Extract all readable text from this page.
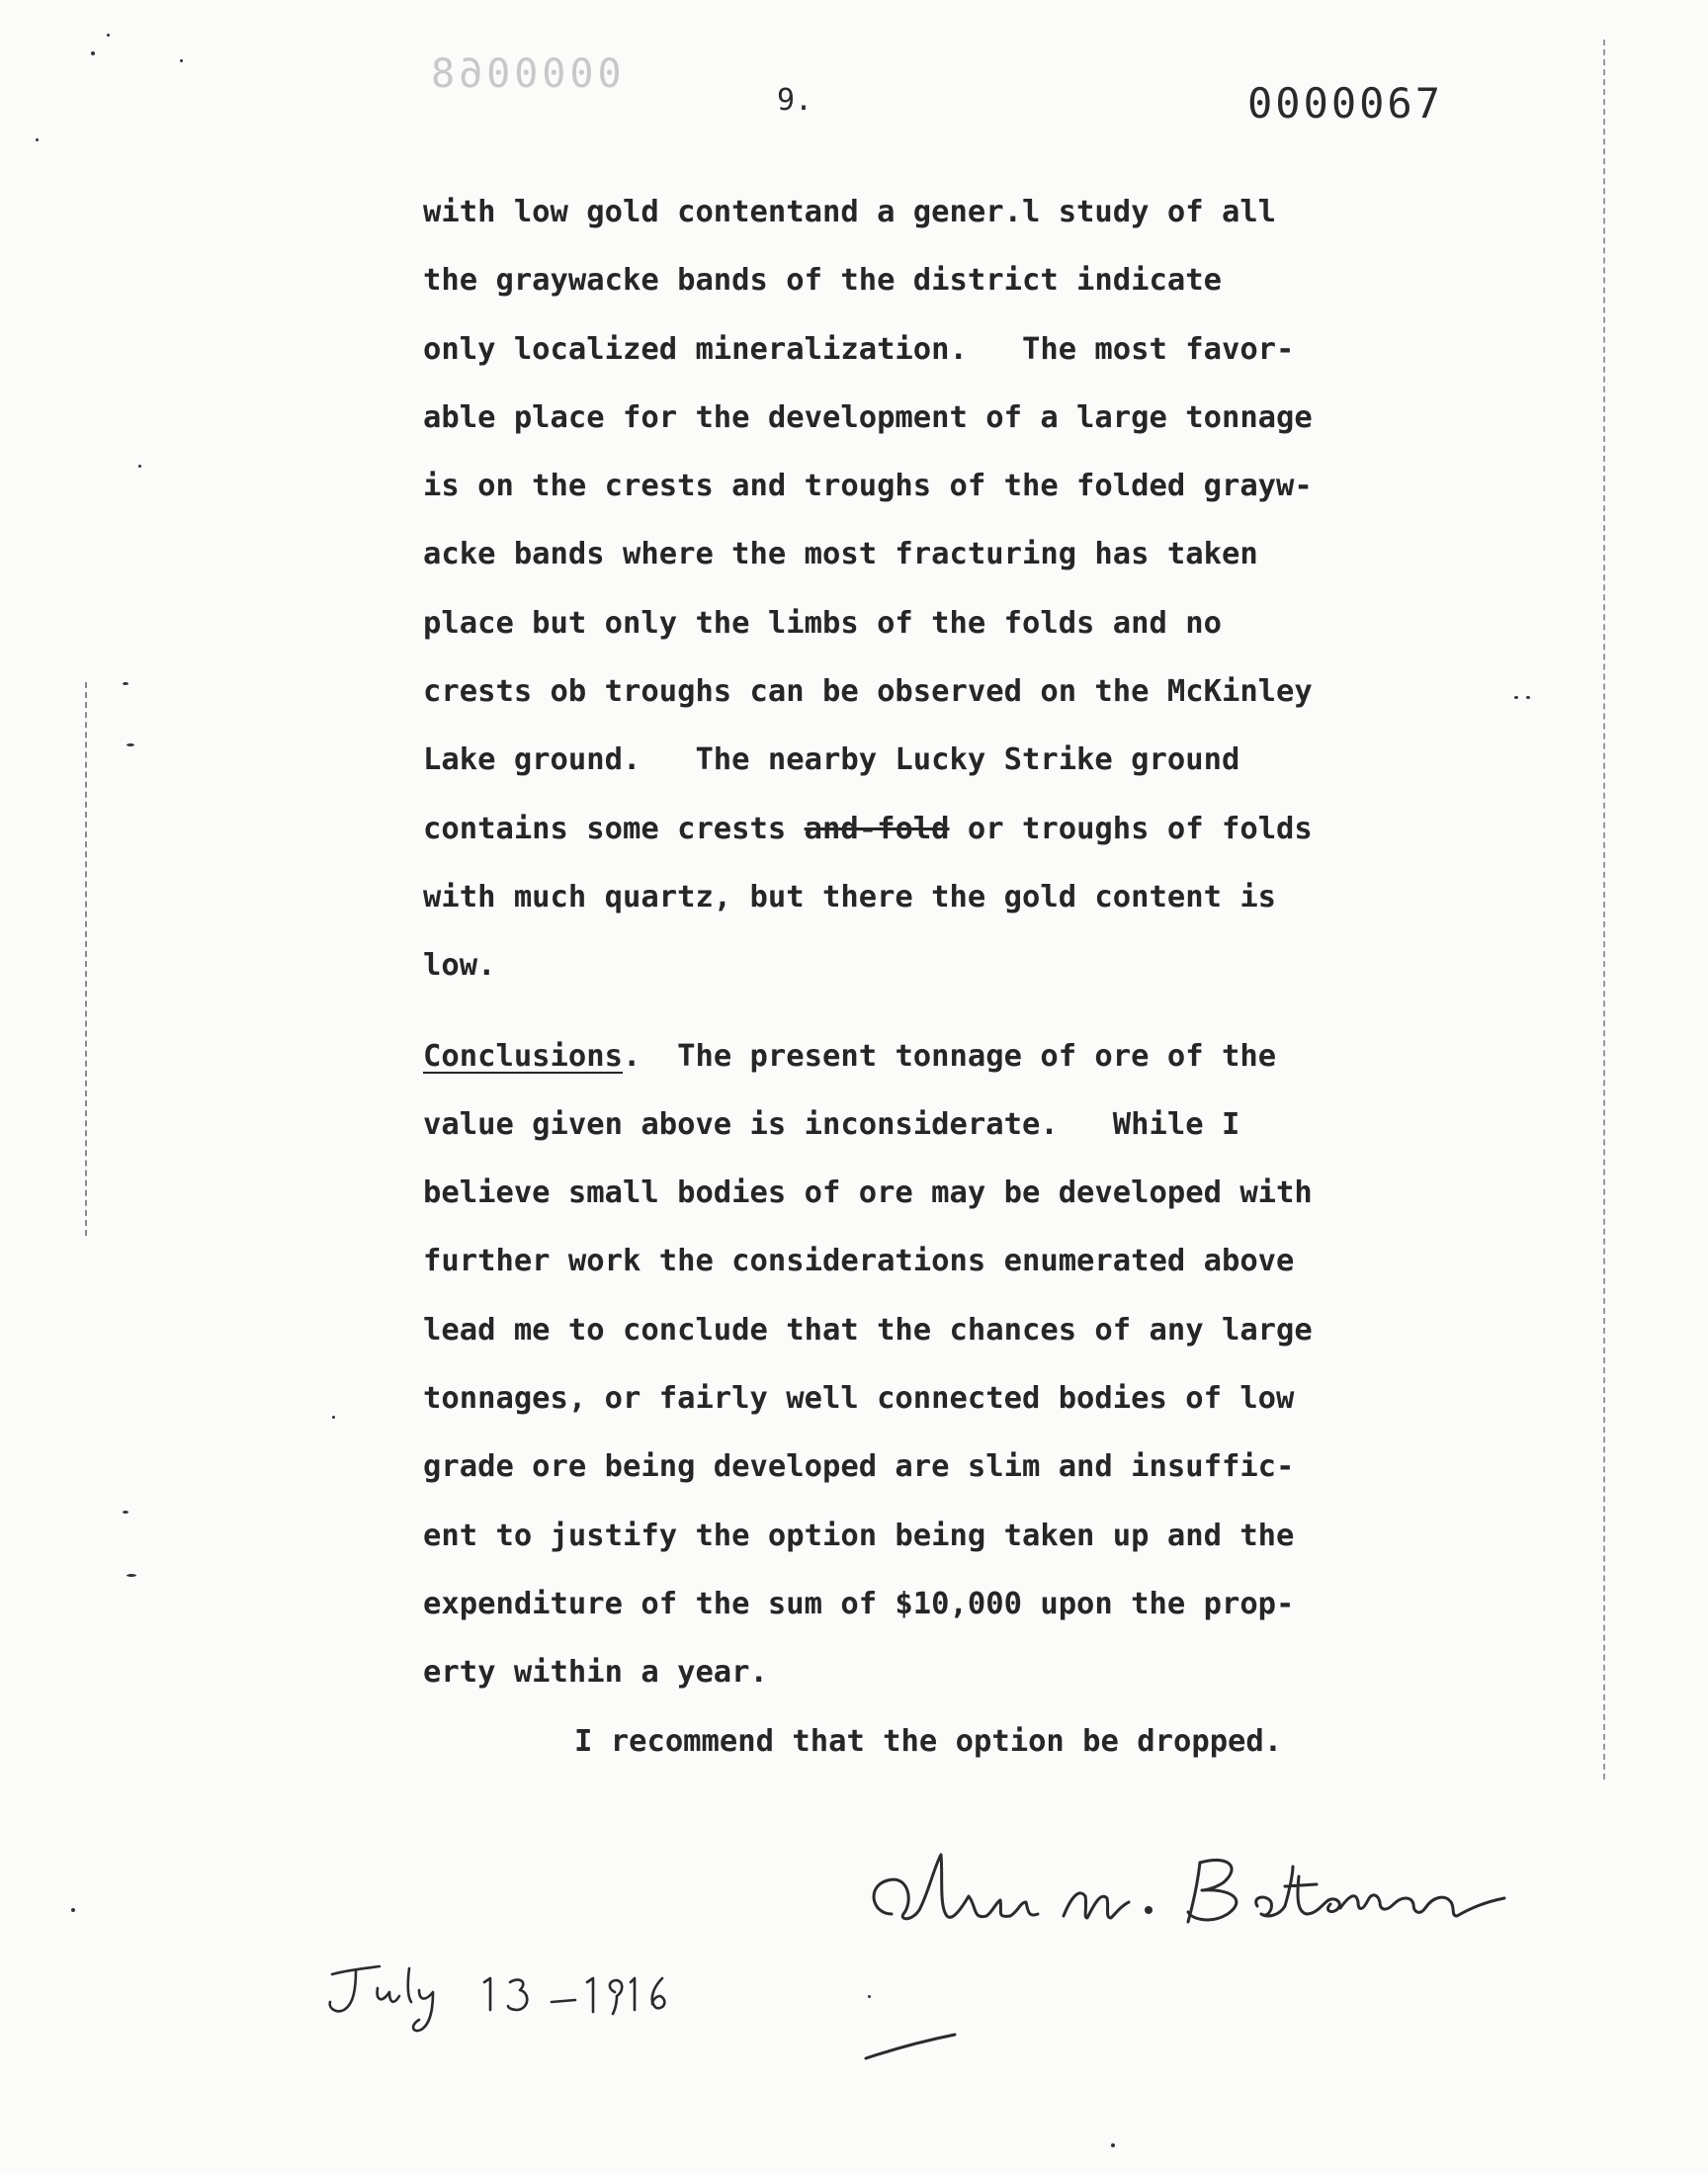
0000068
9.	0000067
with low gold contentand a gener.l study of all
the graywacke bands of the district indicate
only localized mineralization.   The most favor-
able place for the development of a large tonnage
is on the crests and troughs of the folded grayw-
acke bands where the most fracturing has taken
place but only the limbs of the folds and no
crests ob troughs can be observed on the McKinley
Lake ground.   The nearby Lucky Strike ground
contains some crests and-fold or troughs of folds
with much quartz, but there the gold content is
low.
Conclusions.  The present tonnage of ore of the
value given above is inconsiderate.   While I
believe small bodies of ore may be developed with
further work the considerations enumerated above
lead me to conclude that the chances of any large
tonnages, or fairly well connected bodies of low
grade ore being developed are slim and insuffic-
ent to justify the option being taken up and the
expenditure of the sum of $10,000 upon the prop-
erty within a year.
I recommend that the option be dropped.
